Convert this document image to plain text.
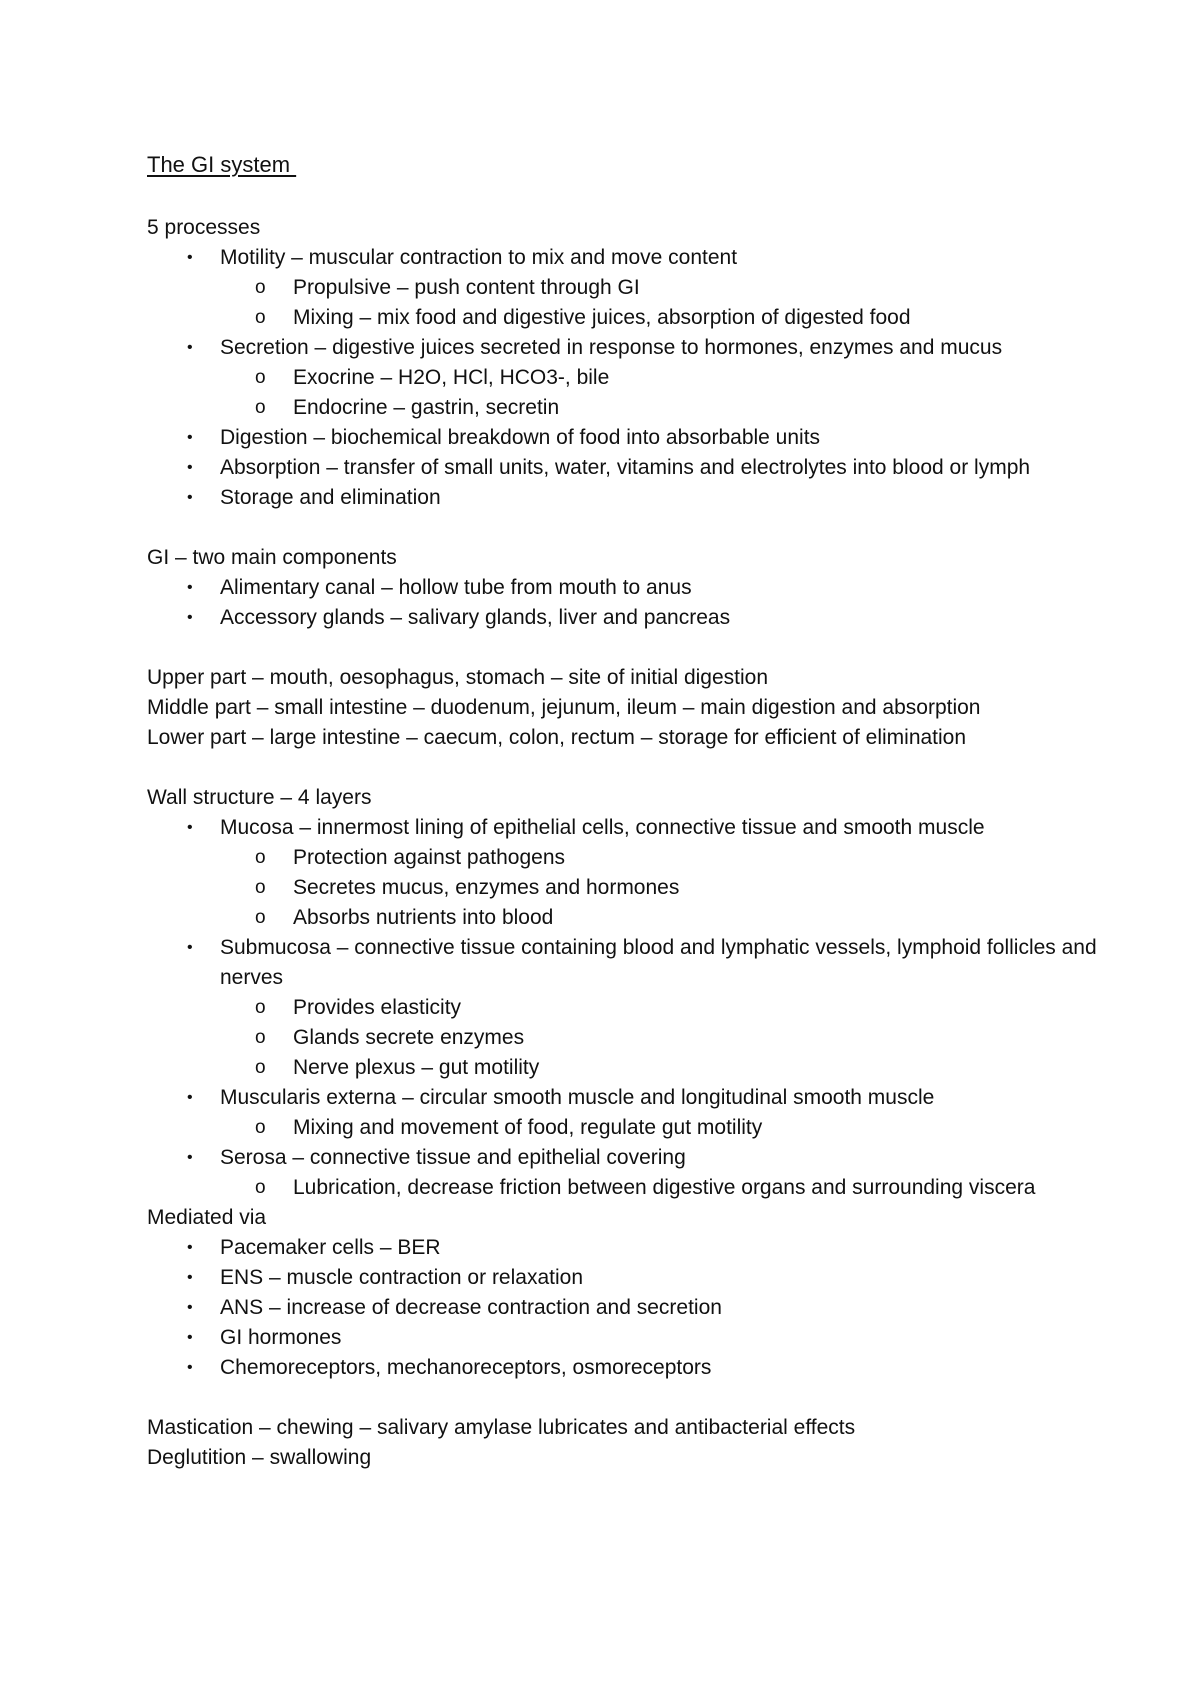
The GI system
5 processes
• Motility – muscular contraction to mix and move content
o Propulsive – push content through GI
o Mixing – mix food and digestive juices, absorption of digested food
• Secretion – digestive juices secreted in response to hormones, enzymes and mucus
o Exocrine – H2O, HCl, HCO3-, bile
o Endocrine – gastrin, secretin
• Digestion – biochemical breakdown of food into absorbable units
• Absorption – transfer of small units, water, vitamins and electrolytes into blood or lymph
• Storage and elimination
GI – two main components
• Alimentary canal – hollow tube from mouth to anus
• Accessory glands – salivary glands, liver and pancreas
Upper part – mouth, oesophagus, stomach – site of initial digestion
Middle part – small intestine – duodenum, jejunum, ileum – main digestion and absorption
Lower part – large intestine – caecum, colon, rectum – storage for efficient of elimination
Wall structure – 4 layers
• Mucosa – innermost lining of epithelial cells, connective tissue and smooth muscle
o Protection against pathogens
o Secretes mucus, enzymes and hormones
o Absorbs nutrients into blood
• Submucosa – connective tissue containing blood and lymphatic vessels, lymphoid follicles and nerves
o Provides elasticity
o Glands secrete enzymes
o Nerve plexus – gut motility
• Muscularis externa – circular smooth muscle and longitudinal smooth muscle
o Mixing and movement of food, regulate gut motility
• Serosa – connective tissue and epithelial covering
o Lubrication, decrease friction between digestive organs and surrounding viscera
Mediated via
• Pacemaker cells – BER
• ENS – muscle contraction or relaxation
• ANS – increase of decrease contraction and secretion
• GI hormones
• Chemoreceptors, mechanoreceptors, osmoreceptors
Mastication – chewing – salivary amylase lubricates and antibacterial effects
Deglutition – swallowing
